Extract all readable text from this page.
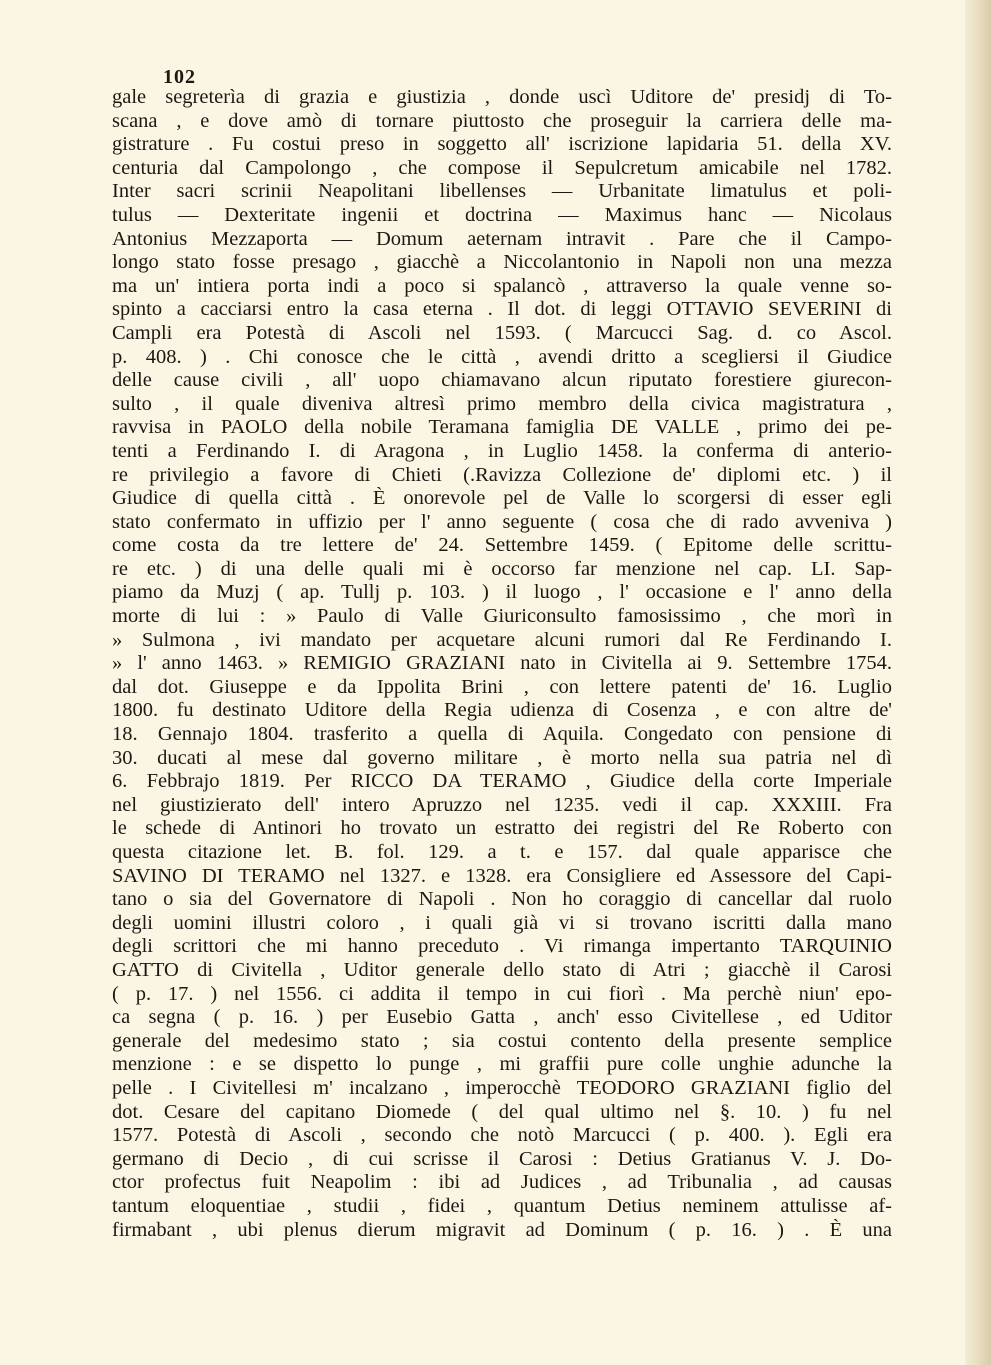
102
gale segreterìa di grazia e giustizia , donde uscì Uditore de' presidj di To-
scana , e dove amò di tornare piuttosto che proseguir la carriera delle ma-
gistrature . Fu costui preso in soggetto all' iscrizione lapidaria 51. della XV.
centuria dal Campolongo , che compose il Sepulcretum amicabile nel 1782.
Inter sacri scrinii Neapolitani libellenses — Urbanitate limatulus et poli-
tulus — Dexteritate ingenii et doctrina — Maximus hanc — Nicolaus
Antonius Mezzaporta — Domum aeternam intravit . Pare che il Campo-
longo stato fosse presago , giacchè a Niccolantonio in Napoli non una mezza
ma un' intiera porta indi a poco si spalancò , attraverso la quale venne so-
spinto a cacciarsi entro la casa eterna . Il dot. di leggi OTTAVIO SEVERINI di
Campli era Potestà di Ascoli nel 1593. ( Marcucci Sag. d. co Ascol.
p. 408. ) . Chi conosce che le città , avendi dritto a scegliersi il Giudice
delle cause civili , all' uopo chiamavano alcun riputato forestiere giurecon-
sulto , il quale diveniva altresì primo membro della civica magistratura ,
ravvisa in PAOLO della nobile Teramana famiglia DE VALLE , primo dei pe-
tenti a Ferdinando I. di Aragona , in Luglio 1458. la conferma di anterio-
re privilegio a favore di Chieti (.Ravizza Collezione de' diplomi etc. ) il
Giudice di quella città . È onorevole pel de Valle lo scorgersi di esser egli
stato confermato in uffizio per l' anno seguente ( cosa che di rado avveniva )
come costa da tre lettere de' 24. Settembre 1459. ( Epitome delle scrittu-
re etc. ) di una delle quali mi è occorso far menzione nel cap. LI. Sap-
piamo da Muzj ( ap. Tullj p. 103. ) il luogo , l' occasione e l' anno della
morte di lui : » Paulo di Valle Giuriconsulto famosissimo , che morì in
» Sulmona , ivi mandato per acquetare alcuni rumori dal Re Ferdinando I.
» l' anno 1463. » REMIGIO GRAZIANI nato in Civitella ai 9. Settembre 1754.
dal dot. Giuseppe e da Ippolita Brini , con lettere patenti de' 16. Luglio
1800. fu destinato Uditore della Regia udienza di Cosenza , e con altre de'
18. Gennajo 1804. trasferito a quella di Aquila. Congedato con pensione di
30. ducati al mese dal governo militare , è morto nella sua patria nel dì
6. Febbrajo 1819. Per RICCO DA TERAMO , Giudice della corte Imperiale
nel giustizierato dell' intero Apruzzo nel 1235. vedi il cap. XXXIII. Fra
le schede di Antinori ho trovato un estratto dei registri del Re Roberto con
questa citazione let. B. fol. 129. a t. e 157. dal quale apparisce che
SAVINO DI TERAMO nel 1327. e 1328. era Consigliere ed Assessore del Capi-
tano o sia del Governatore di Napoli . Non ho coraggio di cancellar dal ruolo
degli uomini illustri coloro , i quali già vi si trovano iscritti dalla mano
degli scrittori che mi hanno preceduto . Vi rimanga impertanto TARQUINIO
GATTO di Civitella , Uditor generale dello stato di Atri ; giacchè il Carosi
( p. 17. ) nel 1556. ci addita il tempo in cui fiorì . Ma perchè niun' epo-
ca segna ( p. 16. ) per Eusebio Gatta , anch' esso Civitellese , ed Uditor
generale del medesimo stato ; sia costui contento della presente semplice
menzione : e se dispetto lo punge , mi graffii pure colle unghie adunche la
pelle . I Civitellesi m' incalzano , imperocchè TEODORO GRAZIANI figlio del
dot. Cesare del capitano Diomede ( del qual ultimo nel §. 10. ) fu nel
1577. Potestà di Ascoli , secondo che notò Marcucci ( p. 400. ). Egli era
germano di Decio , di cui scrisse il Carosi : Detius Gratianus V. J. Do-
ctor profectus fuit Neapolim : ibi ad Judices , ad Tribunalia , ad causas
tantum eloquentiae , studii , fidei , quantum Detius neminem attulisse af-
firmabant , ubi plenus dierum migravit ad Dominum ( p. 16. ) . È una
